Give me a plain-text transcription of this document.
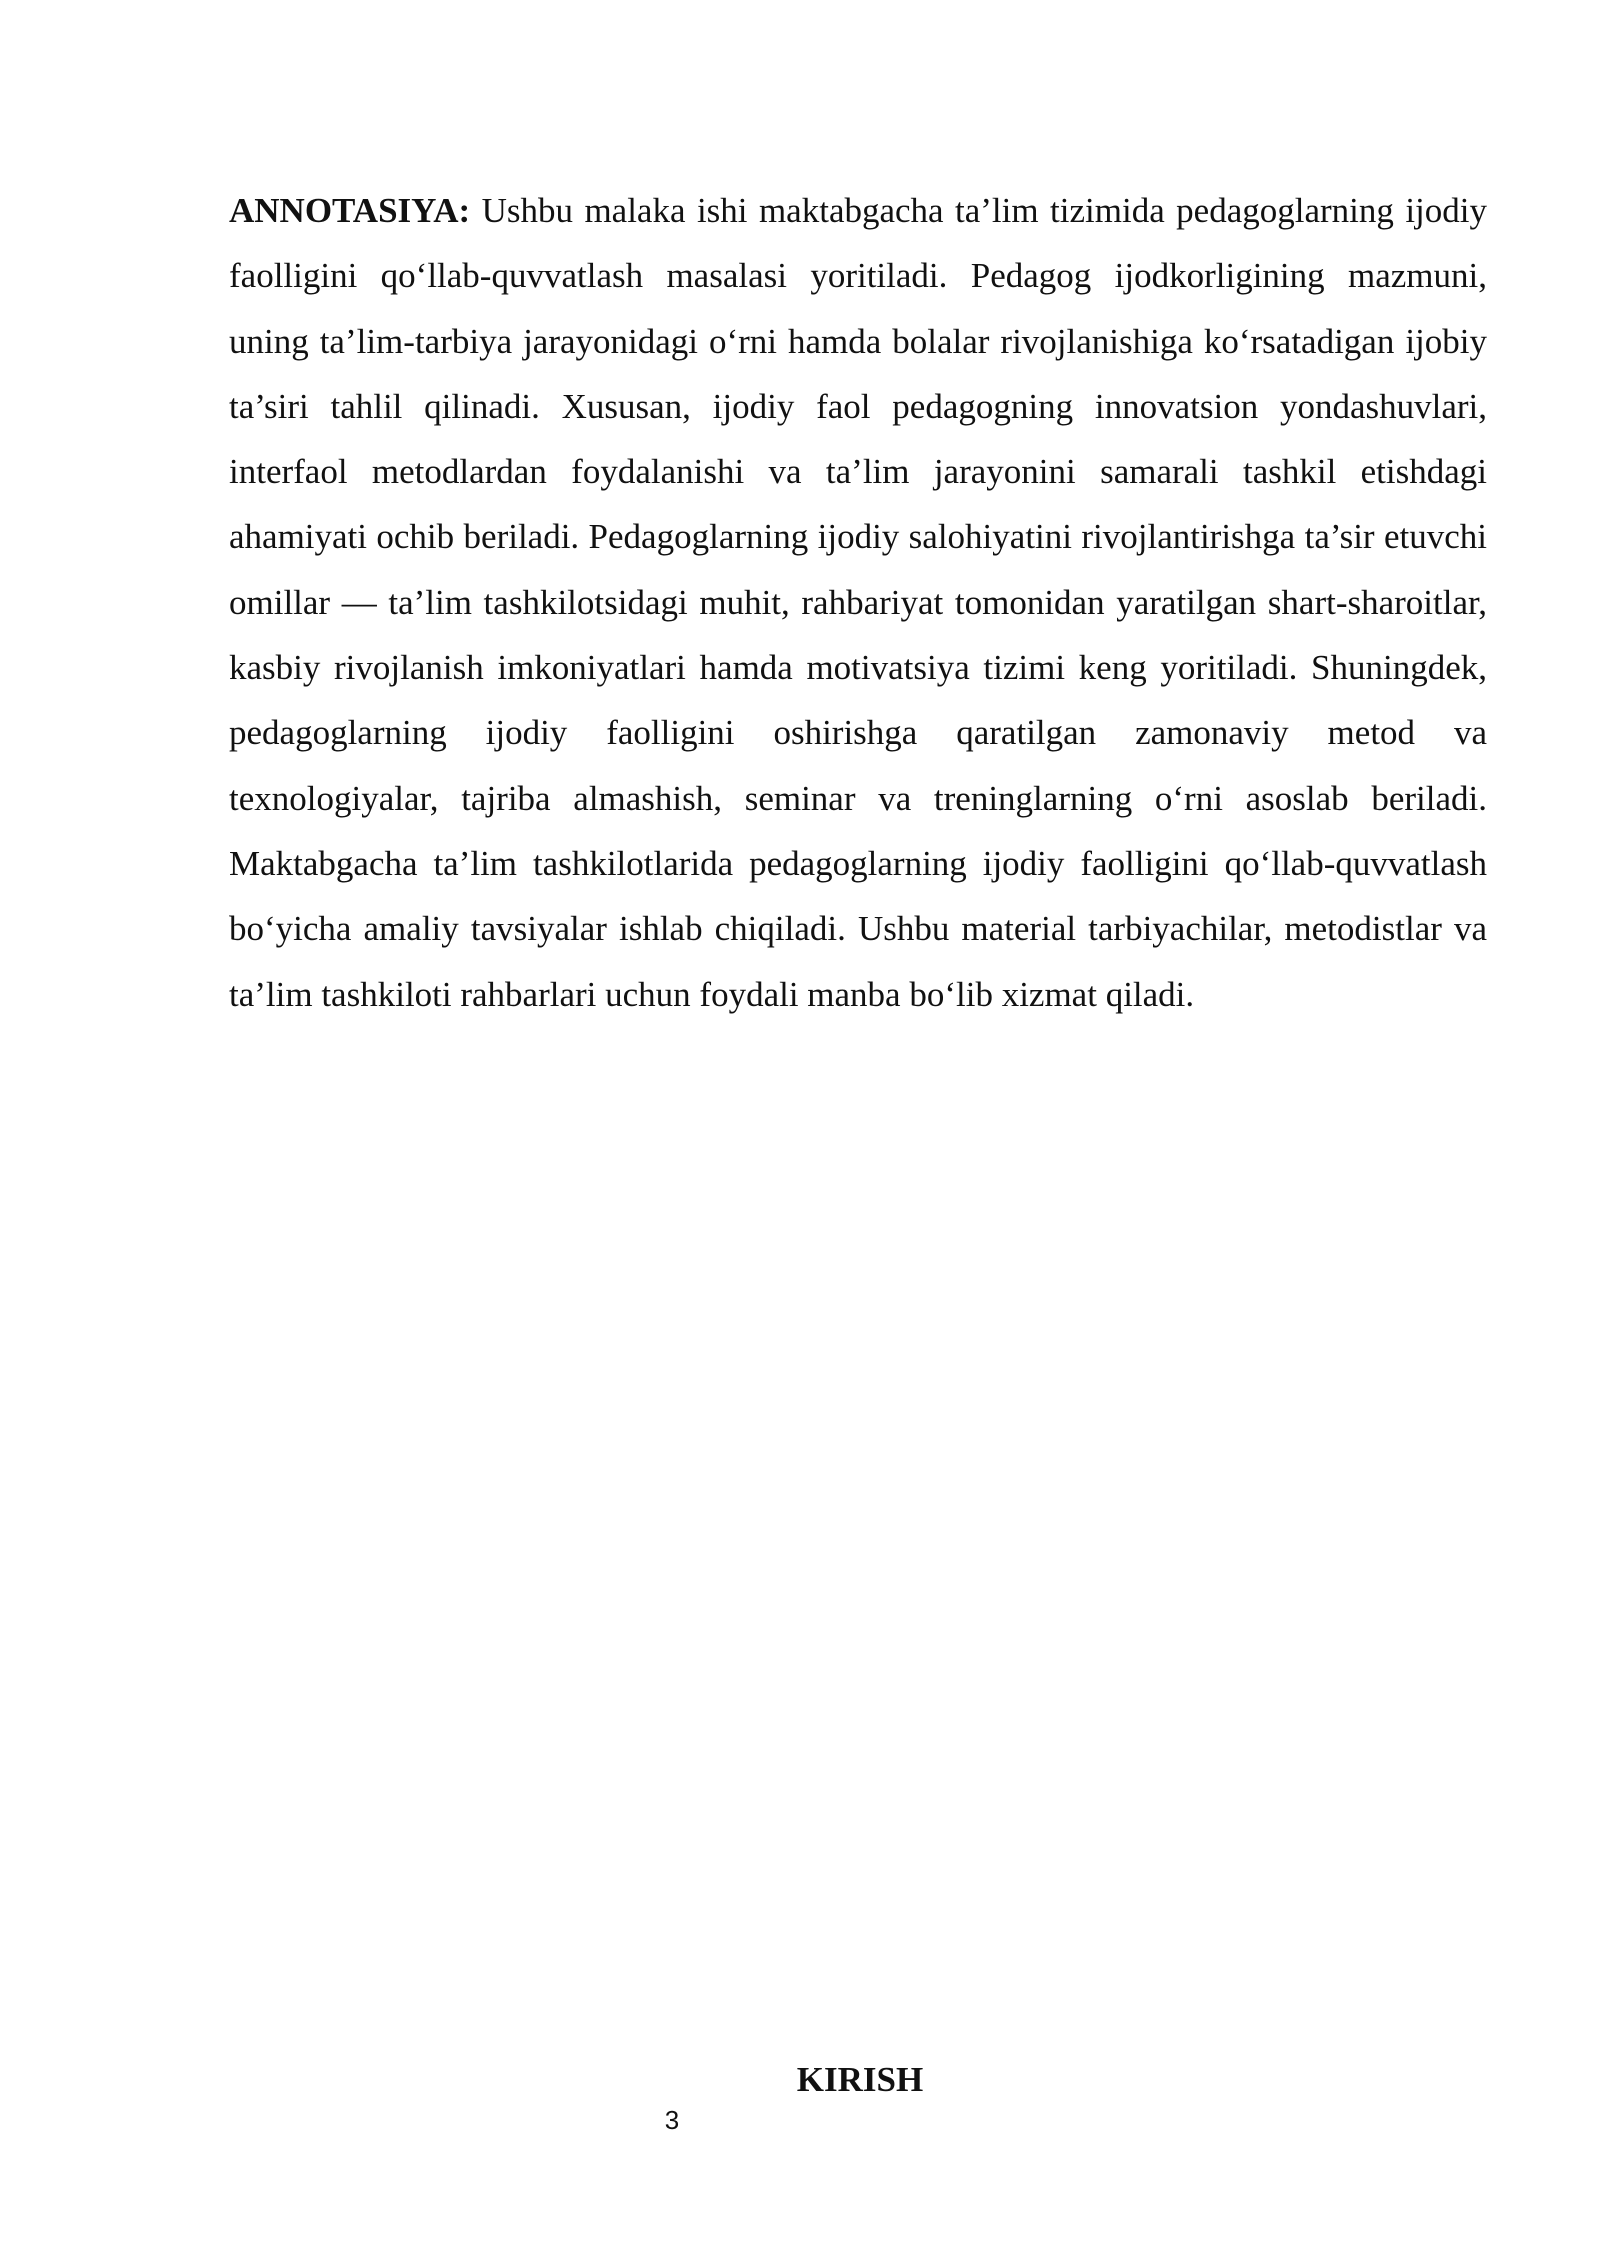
ANNOTASIYA: Ushbu malaka ishi maktabgacha ta’lim tizimida pedagoglarning ijodiy faolligini qo‘llab-quvvatlash masalasi yoritiladi. Pedagog ijodkorligining mazmuni, uning ta’lim-tarbiya jarayonidagi o‘rni hamda bolalar rivojlanishiga ko‘rsatadigan ijobiy ta’siri tahlil qilinadi. Xususan, ijodiy faol pedagogning innovatsion yondashuvlari, interfaol metodlardan foydalanishi va ta’lim jarayonini samarali tashkil etishdagi ahamiyati ochib beriladi. Pedagoglarning ijodiy salohiyatini rivojlantirishga ta’sir etuvchi omillar — ta’lim tashkilotsidagi muhit, rahbariyat tomonidan yaratilgan shart-sharoitlar, kasbiy rivojlanish imkoniyatlari hamda motivatsiya tizimi keng yoritiladi. Shuningdek, pedagoglarning ijodiy faolligini oshirishga qaratilgan zamonaviy metod va texnologiyalar, tajriba almashish, seminar va treninglarning o‘rni asoslab beriladi. Maktabgacha ta’lim tashkilotlarida pedagoglarning ijodiy faolligini qo‘llab-quvvatlash bo‘yicha amaliy tavsiyalar ishlab chiqiladi. Ushbu material tarbiyachilar, metodistlar va ta’lim tashkiloti rahbarlari uchun foydali manba bo‘lib xizmat qiladi.

KIRISH
3
